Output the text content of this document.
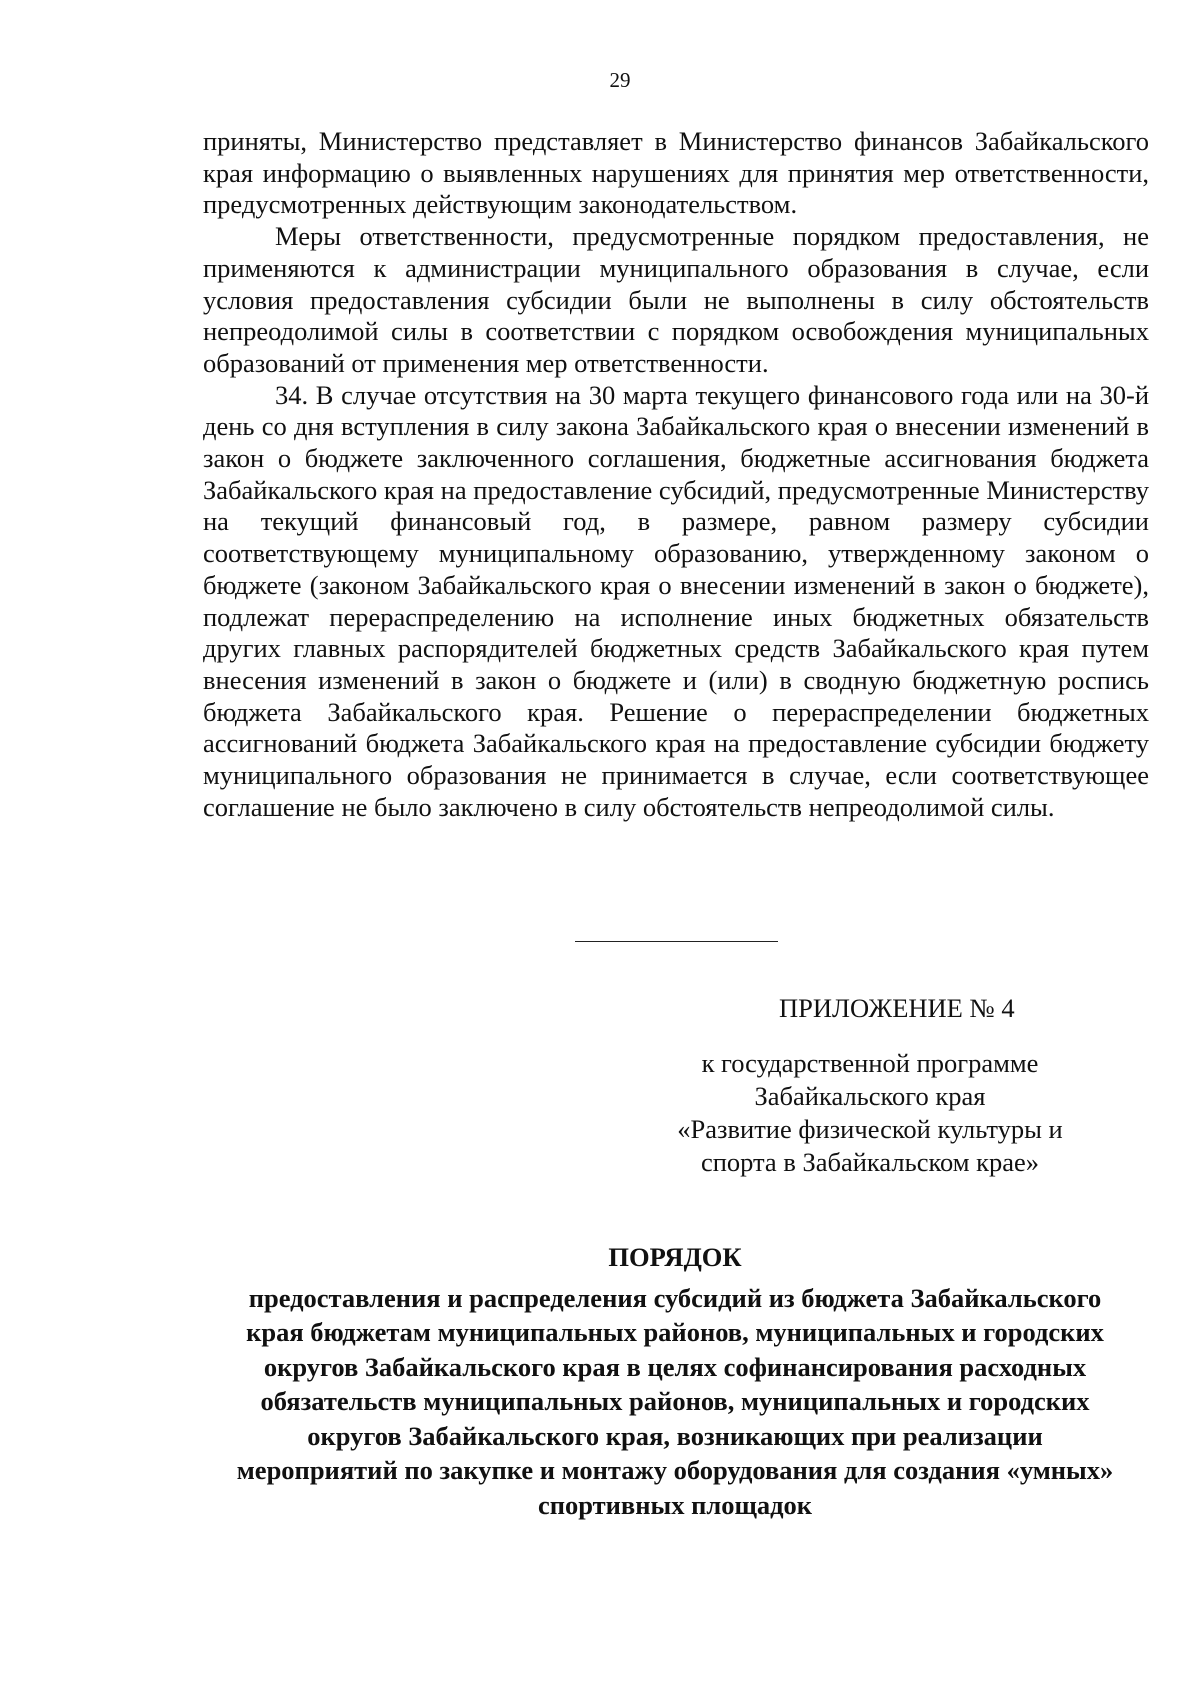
29

приняты, Министерство представляет в Министерство финансов Забайкальского края информацию о выявленных нарушениях для принятия мер ответственности, предусмотренных действующим законодательством.

Меры ответственности, предусмотренные порядком предоставления, не применяются к администрации муниципального образования в случае, если условия предоставления субсидии были не выполнены в силу обстоятельств непреодолимой силы в соответствии с порядком освобождения муниципальных образований от применения мер ответственности.

34. В случае отсутствия на 30 марта текущего финансового года или на 30-й день со дня вступления в силу закона Забайкальского края о внесении изменений в закон о бюджете заключенного соглашения, бюджетные ассигнования бюджета Забайкальского края на предоставление субсидий, предусмотренные Министерству на текущий финансовый год, в размере, равном размеру субсидии соответствующему муниципальному образованию, утвержденному законом о бюджете (законом Забайкальского края о внесении изменений в закон о бюджете), подлежат перераспределению на исполнение иных бюджетных обязательств других главных распорядителей бюджетных средств Забайкальского края путем внесения изменений в закон о бюджете и (или) в сводную бюджетную роспись бюджета Забайкальского края. Решение о перераспределении бюджетных ассигнований бюджета Забайкальского края на предоставление субсидии бюджету муниципального образования не принимается в случае, если соответствующее соглашение не было заключено в силу обстоятельств непреодолимой силы.

ПРИЛОЖЕНИЕ № 4
к государственной программе
Забайкальского края
«Развитие физической культуры и
спорта в Забайкальском крае»
ПОРЯДОК
предоставления и распределения субсидий из бюджета Забайкальского
края бюджетам муниципальных районов, муниципальных и городских
округов Забайкальского края в целях софинансирования расходных
обязательств муниципальных районов, муниципальных и городских
округов Забайкальского края, возникающих при реализации
мероприятий по закупке и монтажу оборудования для создания «умных»
спортивных площадок
